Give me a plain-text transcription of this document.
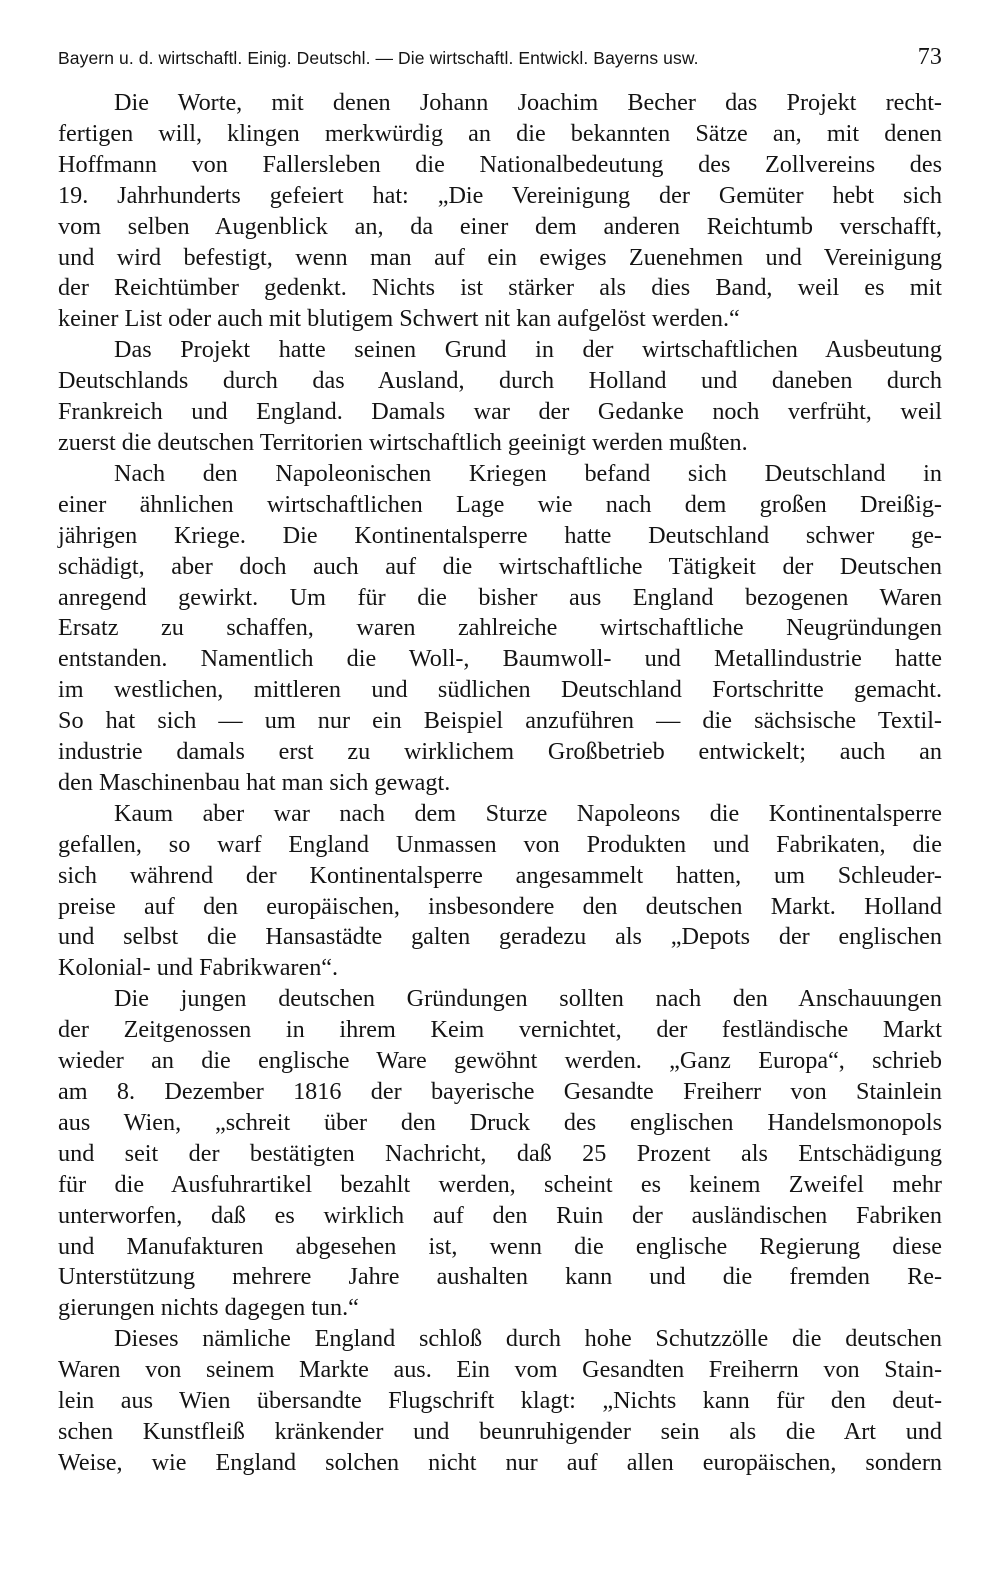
Bayern u. d. wirtschaftl. Einig. Deutschl. — Die wirtschaftl. Entwickl. Bayerns usw.	73

Die Worte, mit denen Johann Joachim Becher das Projekt recht-
fertigen will, klingen merkwürdig an die bekannten Sätze an, mit denen
Hoffmann von Fallersleben die Nationalbedeutung des Zollvereins des
19. Jahrhunderts gefeiert hat: „Die Vereinigung der Gemüter hebt sich
vom selben Augenblick an, da einer dem anderen Reichtumb verschafft,
und wird befestigt, wenn man auf ein ewiges Zuenehmen und Vereinigung
der Reichtümber gedenkt. Nichts ist stärker als dies Band, weil es mit
keiner List oder auch mit blutigem Schwert nit kan aufgelöst werden.“

Das Projekt hatte seinen Grund in der wirtschaftlichen Ausbeutung
Deutschlands durch das Ausland, durch Holland und daneben durch
Frankreich und England. Damals war der Gedanke noch verfrüht, weil
zuerst die deutschen Territorien wirtschaftlich geeinigt werden mußten.

Nach den Napoleonischen Kriegen befand sich Deutschland in
einer ähnlichen wirtschaftlichen Lage wie nach dem großen Dreißig-
jährigen Kriege. Die Kontinentalsperre hatte Deutschland schwer ge-
schädigt, aber doch auch auf die wirtschaftliche Tätigkeit der Deutschen
anregend gewirkt. Um für die bisher aus England bezogenen Waren
Ersatz zu schaffen, waren zahlreiche wirtschaftliche Neugründungen
entstanden. Namentlich die Woll-, Baumwoll- und Metallindustrie hatte
im westlichen, mittleren und südlichen Deutschland Fortschritte gemacht.
So hat sich — um nur ein Beispiel anzuführen — die sächsische Textil-
industrie damals erst zu wirklichem Großbetrieb entwickelt; auch an
den Maschinenbau hat man sich gewagt.

Kaum aber war nach dem Sturze Napoleons die Kontinentalsperre
gefallen, so warf England Unmassen von Produkten und Fabrikaten, die
sich während der Kontinentalsperre angesammelt hatten, um Schleuder-
preise auf den europäischen, insbesondere den deutschen Markt. Holland
und selbst die Hansastädte galten geradezu als „Depots der englischen
Kolonial- und Fabrikwaren“.

Die jungen deutschen Gründungen sollten nach den Anschauungen
der Zeitgenossen in ihrem Keim vernichtet, der festländische Markt
wieder an die englische Ware gewöhnt werden. „Ganz Europa“, schrieb
am 8. Dezember 1816 der bayerische Gesandte Freiherr von Stainlein
aus Wien, „schreit über den Druck des englischen Handelsmonopols
und seit der bestätigten Nachricht, daß 25 Prozent als Entschädigung
für die Ausfuhrartikel bezahlt werden, scheint es keinem Zweifel mehr
unterworfen, daß es wirklich auf den Ruin der ausländischen Fabriken
und Manufakturen abgesehen ist, wenn die englische Regierung diese
Unterstützung mehrere Jahre aushalten kann und die fremden Re-
gierungen nichts dagegen tun.“

Dieses nämliche England schloß durch hohe Schutzzölle die deutschen
Waren von seinem Markte aus. Ein vom Gesandten Freiherrn von Stain-
lein aus Wien übersandte Flugschrift klagt: „Nichts kann für den deut-
schen Kunstfleiß kränkender und beunruhigender sein als die Art und
Weise, wie England solchen nicht nur auf allen europäischen, sondern
